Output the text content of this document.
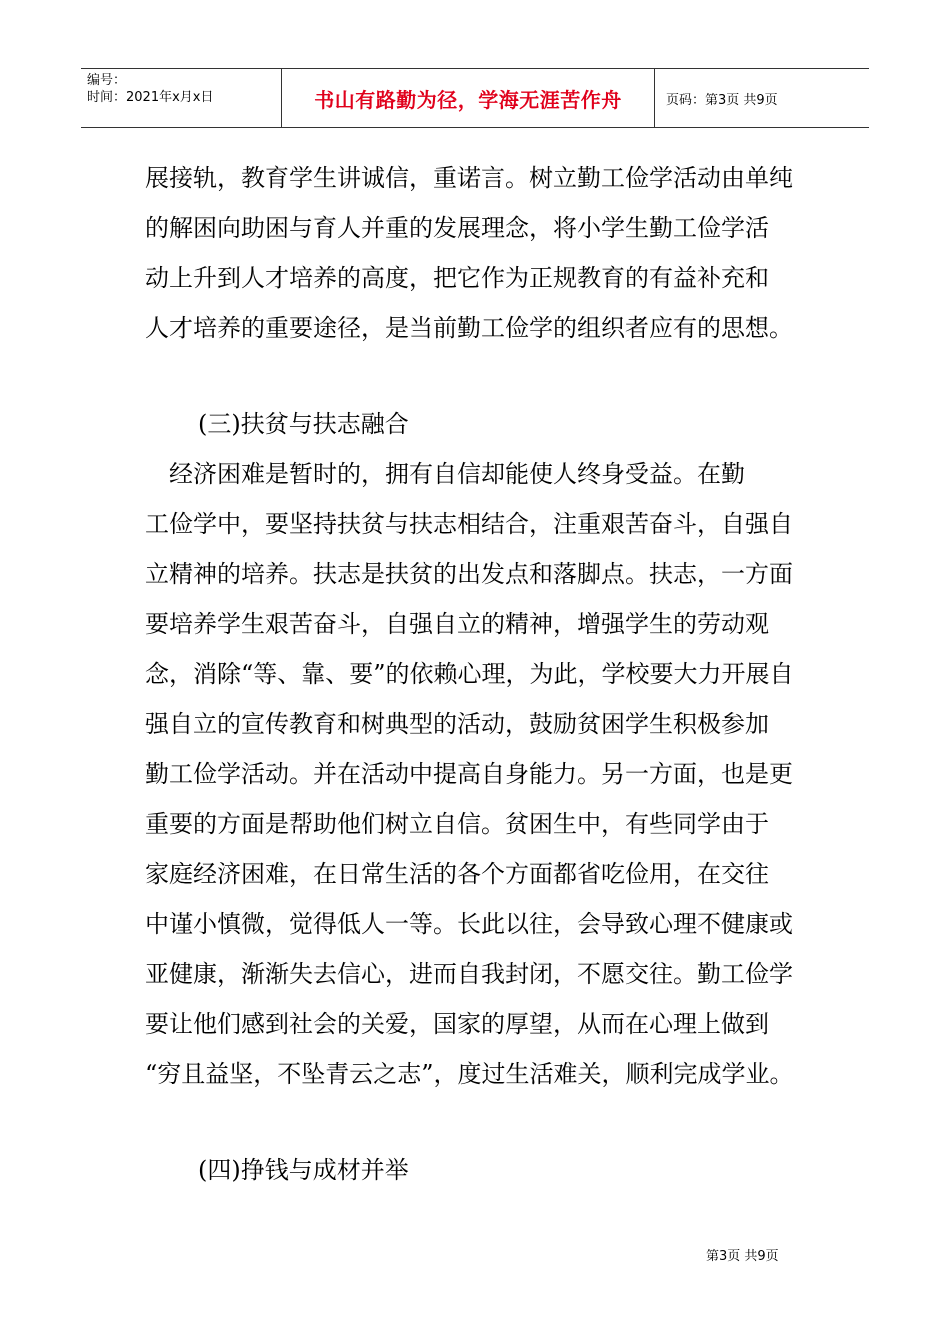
编号：
时间：2021年x月x日	书山有路勤为径，学海无涯苦作舟	页码：第3页 共9页

展接轨，教育学生讲诚信，重诺言。树立勤工俭学活动由单纯
的解困向助困与育人并重的发展理念，将小学生勤工俭学活
动上升到人才培养的高度，把它作为正规教育的有益补充和
人才培养的重要途径，是当前勤工俭学的组织者应有的思想。

(三)扶贫与扶志融合

　经济困难是暂时的，拥有自信却能使人终身受益。在勤
工俭学中，要坚持扶贫与扶志相结合，注重艰苦奋斗，自强自
立精神的培养。扶志是扶贫的出发点和落脚点。扶志，一方面
要培养学生艰苦奋斗，自强自立的精神，增强学生的劳动观
念，消除“等、靠、要”的依赖心理，为此，学校要大力开展自
强自立的宣传教育和树典型的活动，鼓励贫困学生积极参加
勤工俭学活动。并在活动中提高自身能力。另一方面，也是更
重要的方面是帮助他们树立自信。贫困生中，有些同学由于
家庭经济困难，在日常生活的各个方面都省吃俭用，在交往
中谨小慎微，觉得低人一等。长此以往，会导致心理不健康或
亚健康，渐渐失去信心，进而自我封闭，不愿交往。勤工俭学
要让他们感到社会的关爱，国家的厚望，从而在心理上做到
“穷且益坚，不坠青云之志”，度过生活难关，顺利完成学业。

(四)挣钱与成材并举

第3页 共9页
